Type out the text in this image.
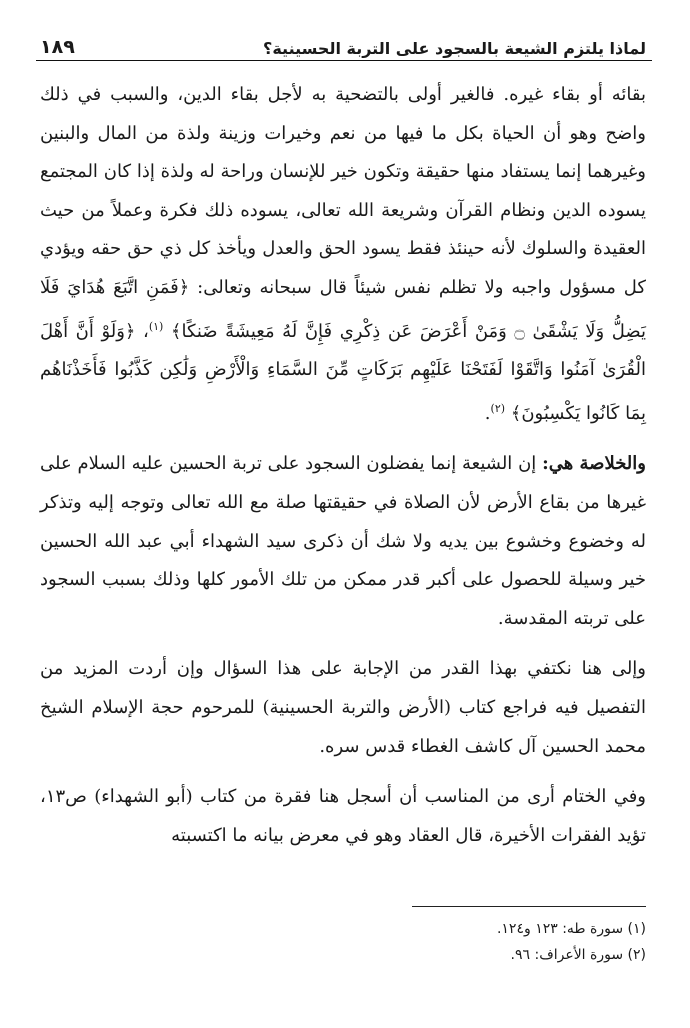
١٨٩	لماذا يلتزم الشيعة بالسجود على التربة الحسينية؟

بقائه أو بقاء غيره. فالغير أولى بالتضحية به لأجل بقاء الدين، والسبب في ذلك واضح وهو أن الحياة بكل ما فيها من نعم وخيرات وزينة ولذة من المال والبنين وغيرهما إنما يستفاد منها حقيقة وتكون خير للإنسان وراحة له ولذة إذا كان المجتمع يسوده الدين ونظام القرآن وشريعة الله تعالى، يسوده ذلك فكرة وعملاً من حيث العقيدة والسلوك لأنه حينئذ فقط يسود الحق والعدل ويأخذ كل ذي حق حقه ويؤدي كل مسؤول واجبه ولا تظلم نفس شيئاً قال سبحانه وتعالى: ﴿فَمَنِ اتَّبَعَ هُدَايَ فَلَا يَضِلُّ وَلَا يَشْقَىٰ ۝ وَمَنْ أَعْرَضَ عَن ذِكْرِي فَإِنَّ لَهُ مَعِيشَةً ضَنكًا﴾ $^{(١)}$، ﴿وَلَوْ أَنَّ أَهْلَ الْقُرَىٰ آمَنُوا وَاتَّقَوْا لَفَتَحْنَا عَلَيْهِم بَرَكَاتٍ مِّنَ السَّمَاءِ وَالْأَرْضِ وَلَٰكِن كَذَّبُوا فَأَخَذْنَاهُم بِمَا كَانُوا يَكْسِبُونَ﴾ $^{(٢)}$.

والخلاصة هي: إن الشيعة إنما يفضلون السجود على تربة الحسين عليه السلام على غيرها من بقاع الأرض لأن الصلاة في حقيقتها صلة مع الله تعالى وتوجه إليه وتذكر له وخضوع وخشوع بين يديه ولا شك أن ذكرى سيد الشهداء أبي عبد الله الحسين خير وسيلة للحصول على أكبر قدر ممكن من تلك الأمور كلها وذلك بسبب السجود على تربته المقدسة.

وإلى هنا نكتفي بهذا القدر من الإجابة على هذا السؤال وإن أردت المزيد من التفصيل فيه فراجع كتاب (الأرض والتربة الحسينية) للمرحوم حجة الإسلام الشيخ محمد الحسين آل كاشف الغطاء قدس سره.

وفي الختام أرى من المناسب أن أسجل هنا فقرة من كتاب (أبو الشهداء) ص١٣، تؤيد الفقرات الأخيرة، قال العقاد وهو في معرض بيانه ما اكتسبته

(١) سورة طه: ١٢٣ و١٢٤.

(٢) سورة الأعراف: ٩٦.
